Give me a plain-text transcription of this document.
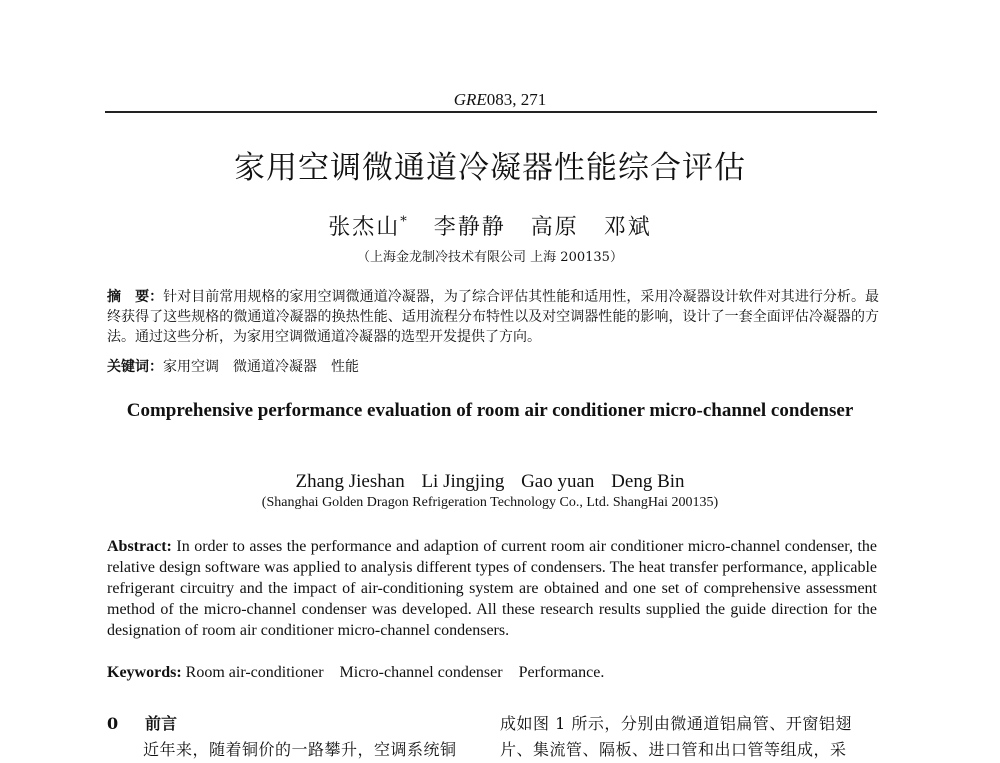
GRE083, 271
家用空调微通道冷凝器性能综合评估
张杰山* 李静静 高原 邓斌
（上海金龙制冷技术有限公司 上海 200135）
摘　要：针对目前常用规格的家用空调微通道冷凝器，为了综合评估其性能和适用性，采用冷凝器设计软件对其进行分析。最终获得了这些规格的微通道冷凝器的换热性能、适用流程分布特性以及对空调器性能的影响，设计了一套全面评估冷凝器的方法。通过这些分析，为家用空调微通道冷凝器的选型开发提供了方向。
关键词：家用空调　微通道冷凝器　性能
Comprehensive performance evaluation of room air conditioner micro-channel condenser
Zhang Jieshan Li Jingjing Gao yuan Deng Bin
(Shanghai Golden Dragon Refrigeration Technology Co., Ltd. ShangHai 200135)
Abstract: In order to asses the performance and adaption of current room air conditioner micro-channel condenser, the relative design software was applied to analysis different types of condensers. The heat transfer performance, applicable refrigerant circuitry and the impact of air-conditioning system are obtained and one set of comprehensive assessment method of the micro-channel condenser was developed. All these research results supplied the guide direction for the designation of room air conditioner micro-channel condensers.
Keywords: Room air-conditioner Micro-channel condenser Performance.
0 前言
近年来，随着铜价的一路攀升，空调系统铜
成如图 1 所示，分别由微通道铝扁管、开窗铝翅
片、集流管、隔板、进口管和出口管等组成，采
